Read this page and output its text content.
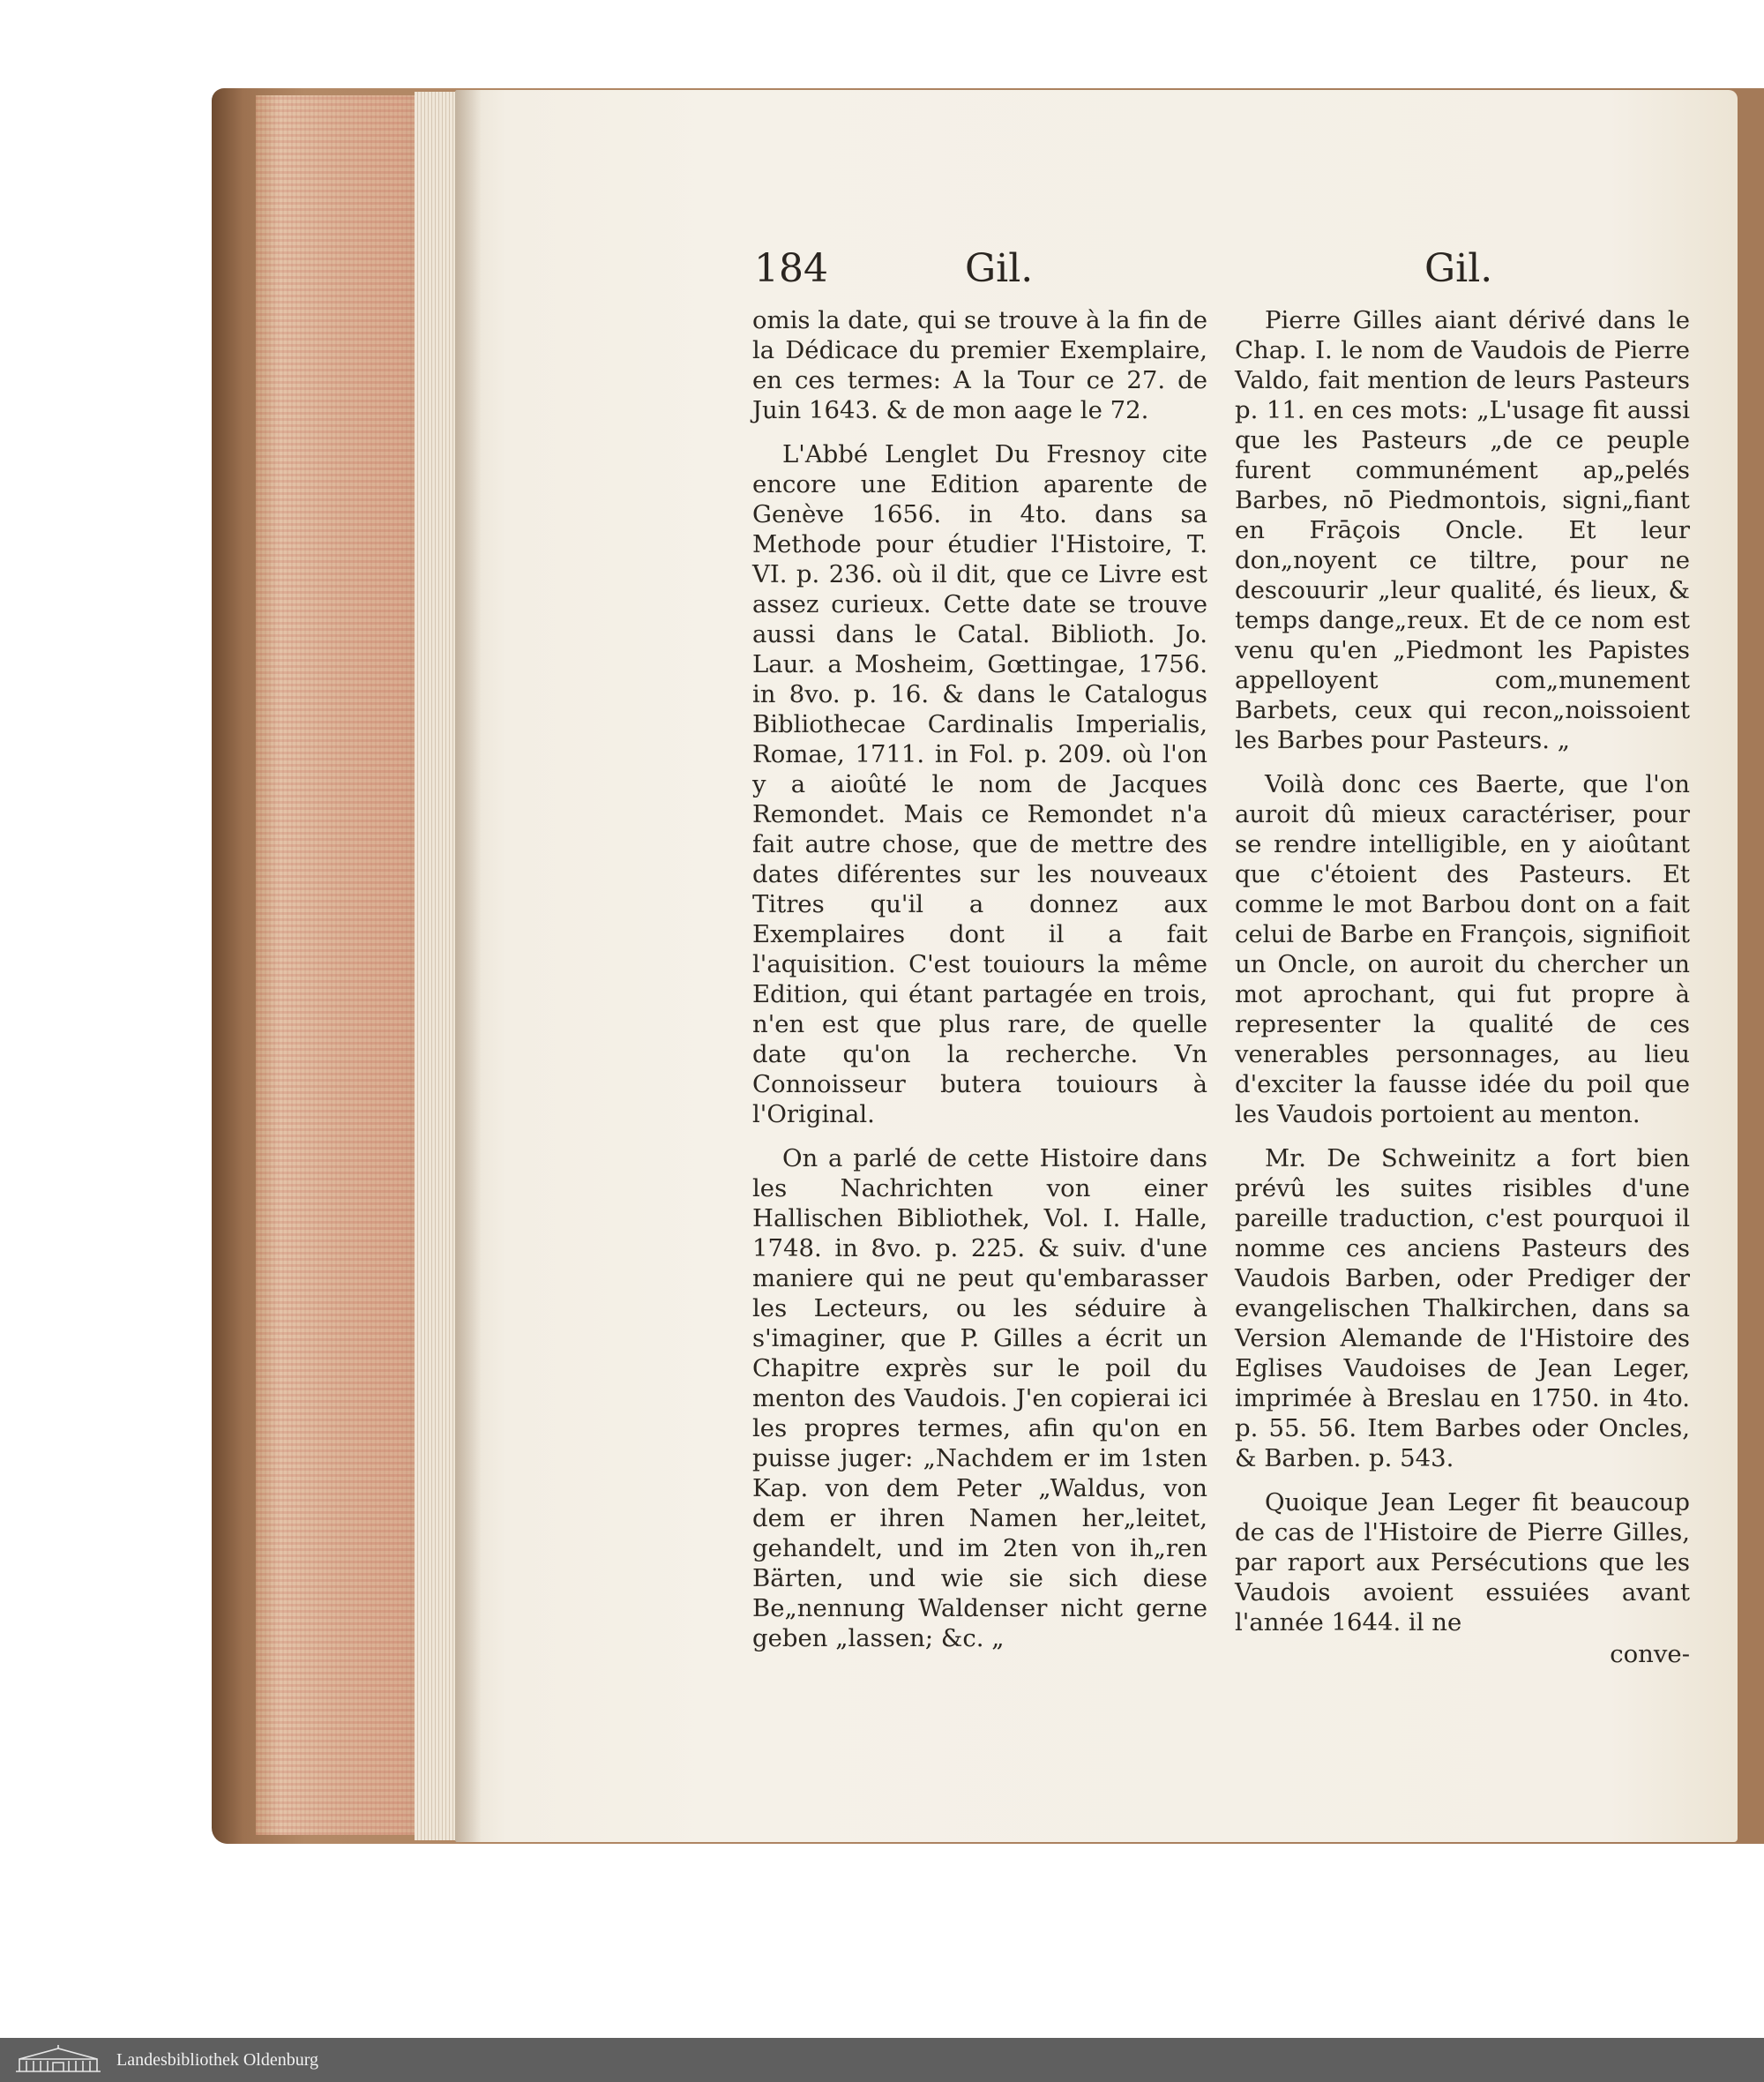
184	Gil.	Gil.

omis la date, qui se trouve à la fin de la Dédicace du premier Exemplaire, en ces termes: A la Tour ce 27. de Juin 1643. & de mon aage le 72.

L'Abbé Lenglet Du Fresnoy cite encore une Edition aparente de Genève 1656. in 4to. dans sa Methode pour étudier l'Histoire, T. VI. p. 236. où il dit, que ce Livre est assez curieux. Cette date se trouve aussi dans le Catal. Biblioth. Jo. Laur. a Mosheim, Gœttingae, 1756. in 8vo. p. 16. & dans le Catalogus Bibliothecae Cardinalis Imperialis, Romae, 1711. in Fol. p. 209. où l'on y a aioûté le nom de Jacques Remondet. Mais ce Remondet n'a fait autre chose, que de mettre des dates diférentes sur les nouveaux Titres qu'il a donnez aux Exemplaires dont il a fait l'aquisition. C'est touiours la même Edition, qui étant partagée en trois, n'en est que plus rare, de quelle date qu'on la recherche. Vn Connoisseur butera touiours à l'Original.

On a parlé de cette Histoire dans les Nachrichten von einer Hallischen Bibliothek, Vol. I. Halle, 1748. in 8vo. p. 225. & suiv. d'une maniere qui ne peut qu'embarasser les Lecteurs, ou les séduire à s'imaginer, que P. Gilles a écrit un Chapitre exprès sur le poil du menton des Vaudois. J'en copierai ici les propres termes, afin qu'on en puisse juger: „Nachdem er im 1sten Kap. von dem Peter „Waldus, von dem er ihren Namen her„leitet, gehandelt, und im 2ten von ih„ren Bärten, und wie sie sich diese Be„nennung Waldenser nicht gerne geben „lassen; &c. „

Pierre Gilles aiant dérivé dans le Chap. I. le nom de Vaudois de Pierre Valdo, fait mention de leurs Pasteurs p. 11. en ces mots: „L'usage fit aussi que les Pasteurs „de ce peuple furent communément ap„pelés Barbes, nō Piedmontois, signi„fiant en Frāçois Oncle. Et leur don„noyent ce tiltre, pour ne descouurir „leur qualité, és lieux, & temps dange„reux. Et de ce nom est venu qu'en „Piedmont les Papistes appelloyent com„munement Barbets, ceux qui recon„noissoient les Barbes pour Pasteurs. „

Voilà donc ces Baerte, que l'on auroit dû mieux caractériser, pour se rendre intelligible, en y aioûtant que c'étoient des Pasteurs. Et comme le mot Barbou dont on a fait celui de Barbe en François, signifioit un Oncle, on auroit du chercher un mot aprochant, qui fut propre à representer la qualité de ces venerables personnages, au lieu d'exciter la fausse idée du poil que les Vaudois portoient au menton.

Mr. De Schweinitz a fort bien prévû les suites risibles d'une pareille traduction, c'est pourquoi il nomme ces anciens Pasteurs des Vaudois Barben, oder Prediger der evangelischen Thalkirchen, dans sa Version Alemande de l'Histoire des Eglises Vaudoises de Jean Leger, imprimée à Breslau en 1750. in 4to. p. 55. 56. Item Barbes oder Oncles, & Barben. p. 543.

Quoique Jean Leger fit beaucoup de cas de l'Histoire de Pierre Gilles, par raport aux Persécutions que les Vaudois avoient essuiées avant l'année 1644. il ne

conve-

Landesbibliothek Oldenburg
